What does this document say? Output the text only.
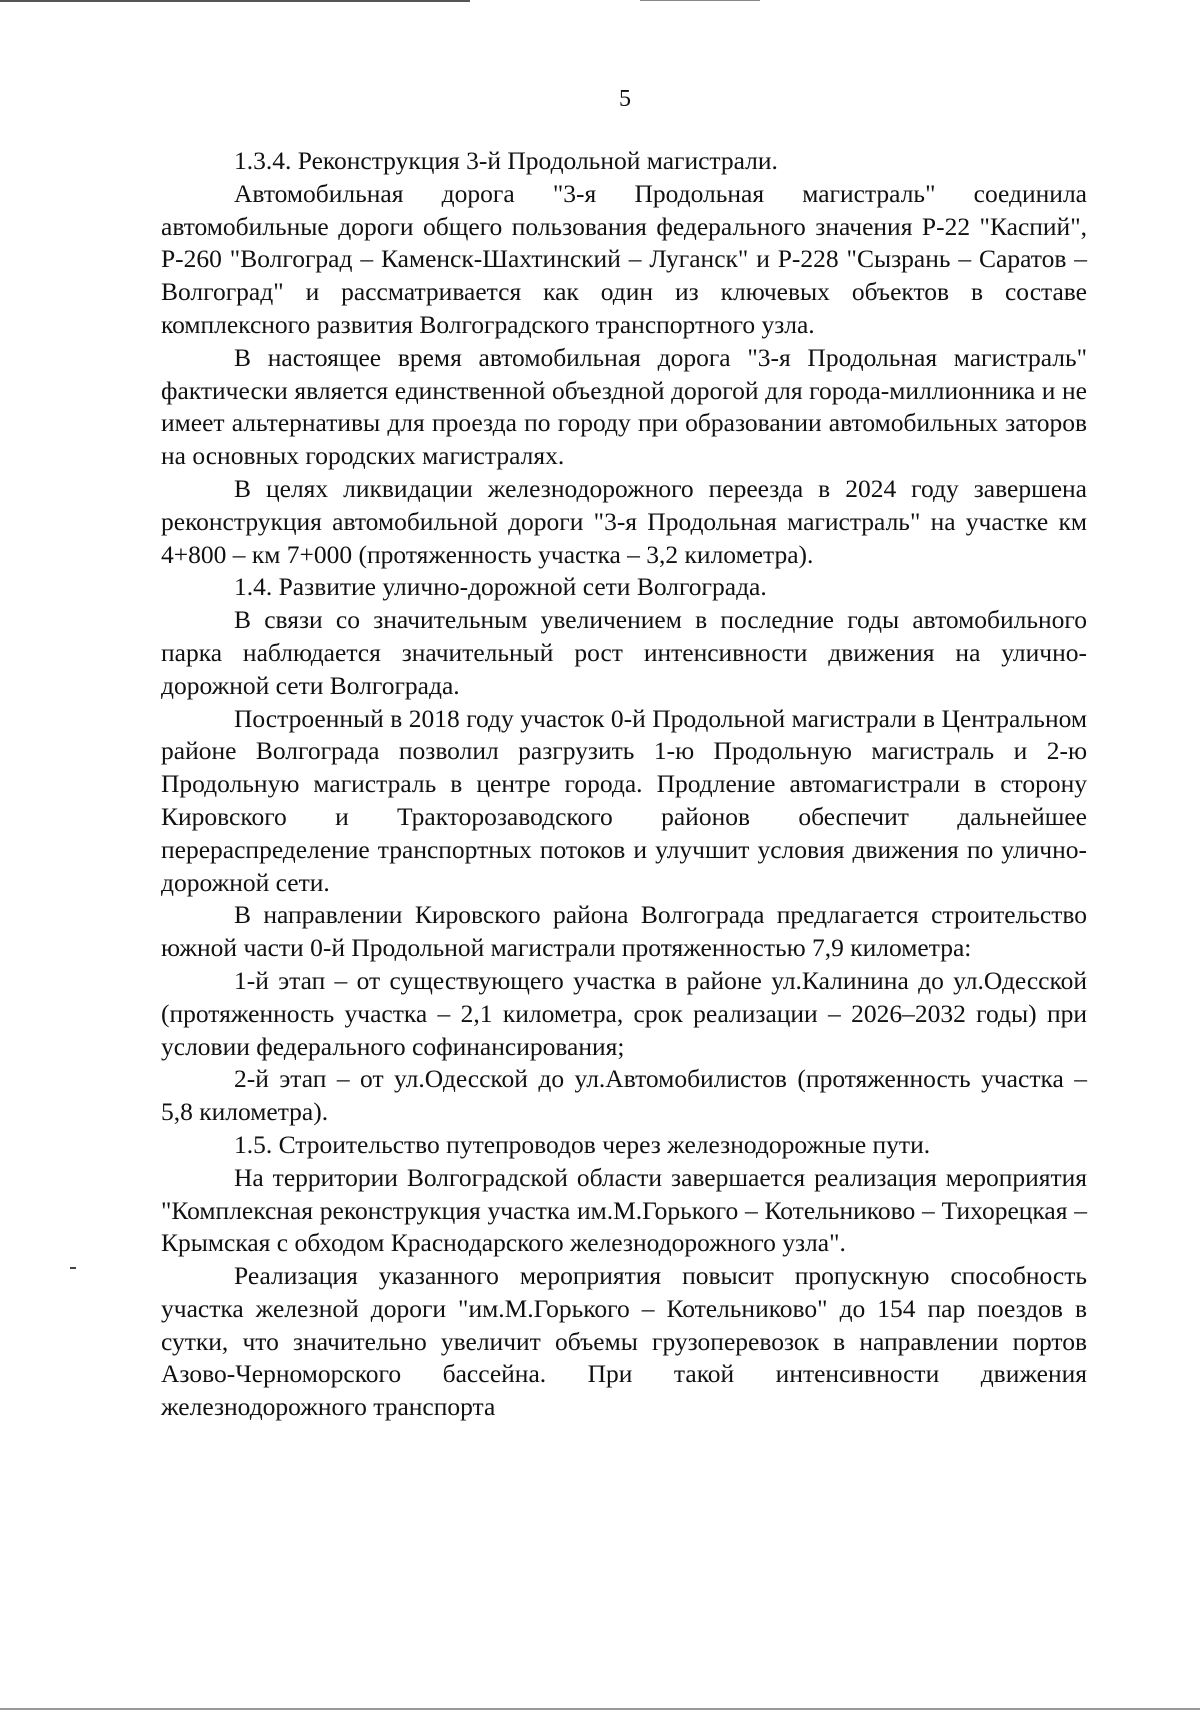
5

1.3.4. Реконструкция 3-й Продольной магистрали.

Автомобильная дорога "3-я Продольная магистраль" соединила автомобильные дороги общего пользования федерального значения Р-22 "Каспий", Р-260 "Волгоград – Каменск-Шахтинский – Луганск" и Р-228 "Сызрань – Саратов – Волгоград" и рассматривается как один из ключевых объектов в составе комплексного развития Волгоградского транспортного узла.

В настоящее время автомобильная дорога "3-я Продольная магистраль" фактически является единственной объездной дорогой для города-миллионника и не имеет альтернативы для проезда по городу при образовании автомобильных заторов на основных городских магистралях.

В целях ликвидации железнодорожного переезда в 2024 году завершена реконструкция автомобильной дороги "3-я Продольная магистраль" на участке км 4+800 – км 7+000 (протяженность участка – 3,2 километра).

1.4. Развитие улично-дорожной сети Волгограда.

В связи со значительным увеличением в последние годы автомобильного парка наблюдается значительный рост интенсивности движения на улично-дорожной сети Волгограда.

Построенный в 2018 году участок 0-й Продольной магистрали в Центральном районе Волгограда позволил разгрузить 1-ю Продольную магистраль и 2-ю Продольную магистраль в центре города. Продление автомагистрали в сторону Кировского и Тракторозаводского районов обеспечит дальнейшее перераспределение транспортных потоков и улучшит условия движения по улично-дорожной сети.

В направлении Кировского района Волгограда предлагается строительство южной части 0-й Продольной магистрали протяженностью 7,9 километра:

1-й этап – от существующего участка в районе ул.Калинина до ул.Одесской (протяженность участка – 2,1 километра, срок реализации – 2026–2032 годы) при условии федерального софинансирования;

2-й этап – от ул.Одесской до ул.Автомобилистов (протяженность участка – 5,8 километра).

1.5. Строительство путепроводов через железнодорожные пути.

На территории Волгоградской области завершается реализация мероприятия "Комплексная реконструкция участка им.М.Горького – Котельниково – Тихорецкая – Крымская с обходом Краснодарского железнодорожного узла".

Реализация указанного мероприятия повысит пропускную способность участка железной дороги "им.М.Горького – Котельниково" до 154 пар поездов в сутки, что значительно увеличит объемы грузоперевозок в направлении портов Азово-Черноморского бассейна. При такой интенсивности движения железнодорожного транспорта
